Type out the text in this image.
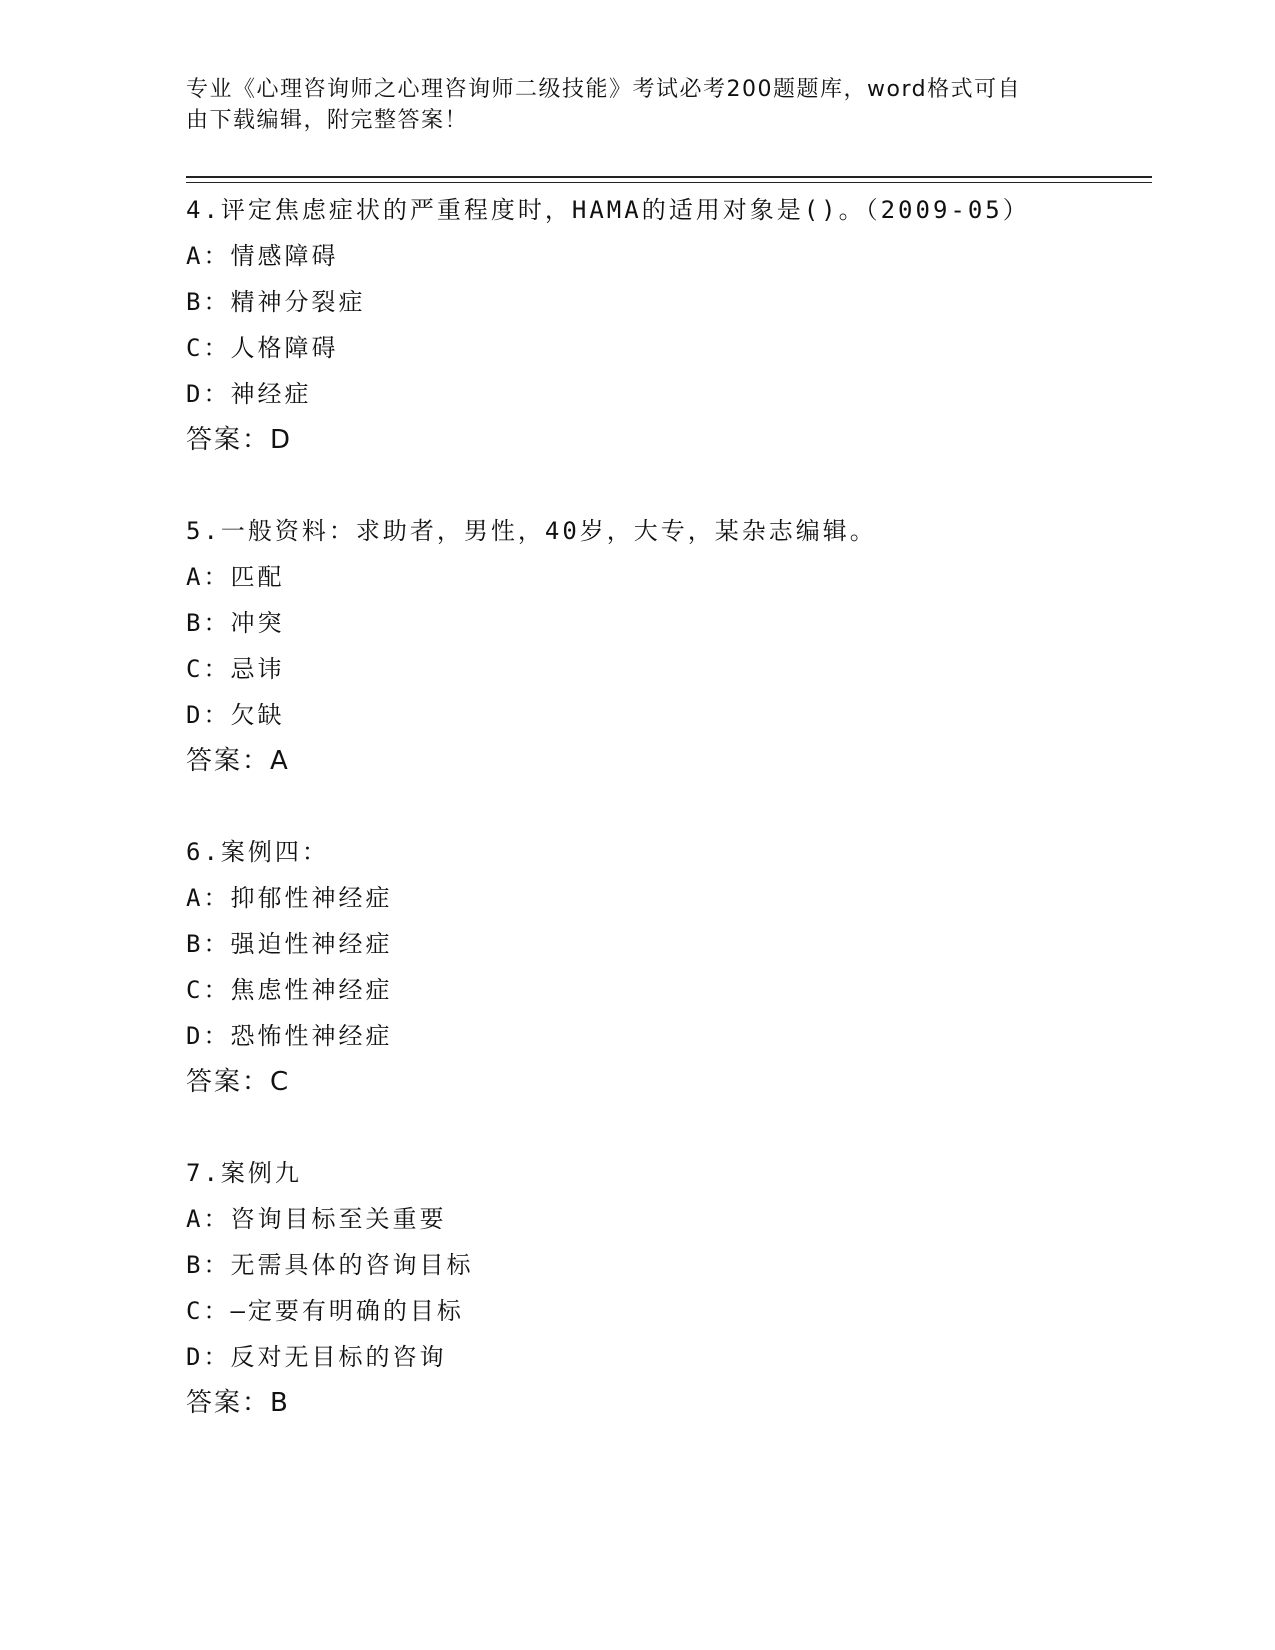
专业《心理咨询师之心理咨询师二级技能》考试必考200题题库，word格式可自
由下载编辑，附完整答案！
4.评定焦虑症状的严重程度时，HAMA的适用对象是()。（2009-05）
A：情感障碍
B：精神分裂症
C：人格障碍
D：神经症
答案：D
5.一般资料：求助者，男性，40岁，大专，某杂志编辑。
A：匹配
B：冲突
C：忌讳
D：欠缺
答案：A
6.案例四：
A：抑郁性神经症
B：强迫性神经症
C：焦虑性神经症
D：恐怖性神经症
答案：C
7.案例九
A：咨询目标至关重要
B：无需具体的咨询目标
C：—定要有明确的目标
D：反对无目标的咨询
答案：B
